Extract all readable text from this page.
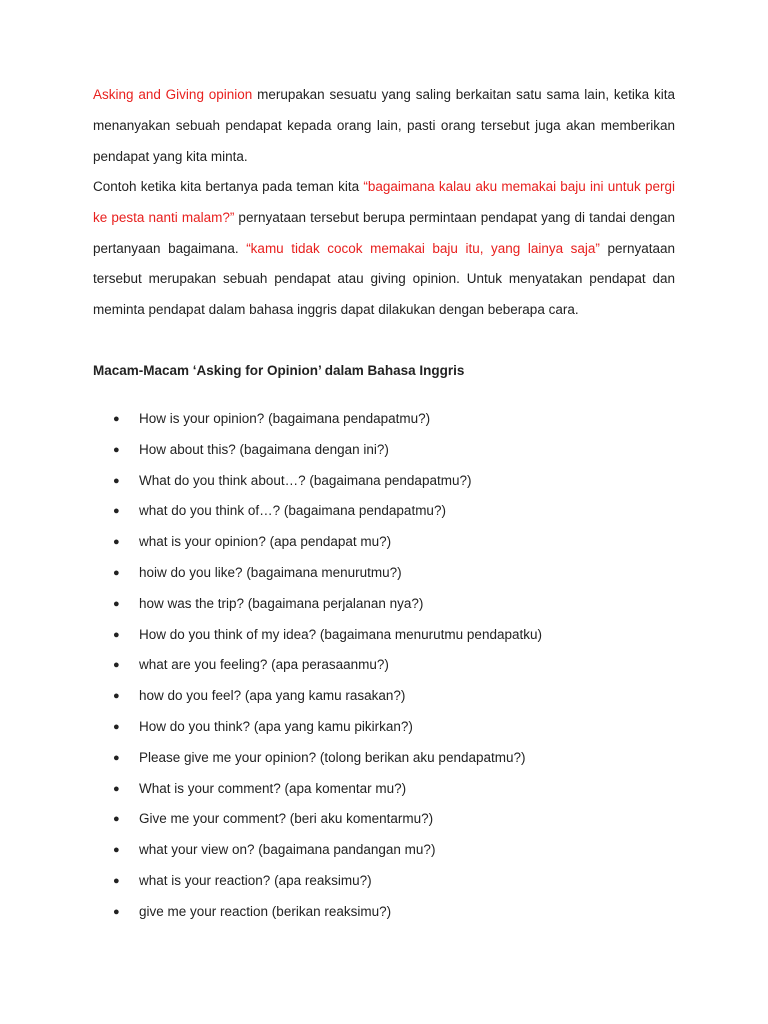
Asking and Giving opinion merupakan sesuatu yang saling berkaitan satu sama lain, ketika kita menanyakan sebuah pendapat kepada orang lain, pasti orang tersebut juga akan memberikan pendapat yang kita minta.

Contoh ketika kita bertanya pada teman kita “bagaimana kalau aku memakai baju ini untuk pergi ke pesta nanti malam?” pernyataan tersebut berupa permintaan pendapat yang di tandai dengan pertanyaan bagaimana. “kamu tidak cocok memakai baju itu, yang lainya saja” pernyataan tersebut merupakan sebuah pendapat atau giving opinion. Untuk menyatakan pendapat dan meminta pendapat dalam bahasa inggris dapat dilakukan dengan beberapa cara.

Macam-Macam ‘Asking for Opinion’ dalam Bahasa Inggris
● How is your opinion? (bagaimana pendapatmu?)
● How about this? (bagaimana dengan ini?)
● What do you think about…? (bagaimana pendapatmu?)
● what do you think of…? (bagaimana pendapatmu?)
● what is your opinion? (apa pendapat mu?)
● hoiw do you like? (bagaimana menurutmu?)
● how was the trip? (bagaimana perjalanan nya?)
● How do you think of my idea? (bagaimana menurutmu pendapatku)
● what are you feeling? (apa perasaanmu?)
● how do you feel? (apa yang kamu rasakan?)
● How do you think? (apa yang kamu pikirkan?)
● Please give me your opinion? (tolong berikan aku pendapatmu?)
● What is your comment? (apa komentar mu?)
● Give me your comment? (beri aku komentarmu?)
● what your view on? (bagaimana pandangan mu?)
● what is your reaction? (apa reaksimu?)
● give me your reaction (berikan reaksimu?)
